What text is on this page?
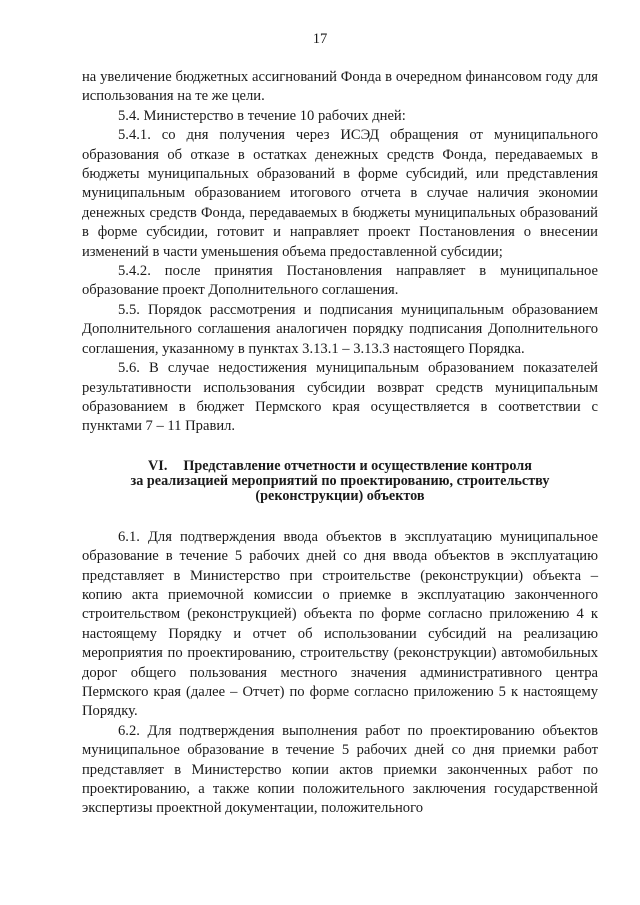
17

на увеличение бюджетных ассигнований Фонда в очередном финансовом году для использования на те же цели.

5.4. Министерство в течение 10 рабочих дней:

5.4.1. со дня получения через ИСЭД обращения от муниципального образования об отказе в остатках денежных средств Фонда, передаваемых в бюджеты муниципальных образований в форме субсидий, или представления муниципальным образованием итогового отчета в случае наличия экономии денежных средств Фонда, передаваемых в бюджеты муниципальных образований в форме субсидии, готовит и направляет проект Постановления о внесении изменений в части уменьшения объема предоставленной субсидии;

5.4.2. после принятия Постановления направляет в муниципальное образование проект Дополнительного соглашения.

5.5. Порядок рассмотрения и подписания муниципальным образованием Дополнительного соглашения аналогичен порядку подписания Дополнительного соглашения, указанному в пунктах 3.13.1 – 3.13.3 настоящего Порядка.

5.6. В случае недостижения муниципальным образованием показателей результативности использования субсидии возврат средств муниципальным образованием в бюджет Пермского края осуществляется в соответствии с пунктами 7 – 11 Правил.

VI. Представление отчетности и осуществление контроля
за реализацией мероприятий по проектированию, строительству
(реконструкции) объектов

6.1. Для подтверждения ввода объектов в эксплуатацию муниципальное образование в течение 5 рабочих дней со дня ввода объектов в эксплуатацию представляет в Министерство при строительстве (реконструкции) объекта – копию акта приемочной комиссии о приемке в эксплуатацию законченного строительством (реконструкцией) объекта по форме согласно приложению 4 к настоящему Порядку и отчет об использовании субсидий на реализацию мероприятия по проектированию, строительству (реконструкции) автомобильных дорог общего пользования местного значения административного центра Пермского края (далее – Отчет) по форме согласно приложению 5 к настоящему Порядку.

6.2. Для подтверждения выполнения работ по проектированию объектов муниципальное образование в течение 5 рабочих дней со дня приемки работ представляет в Министерство копии актов приемки законченных работ по проектированию, а также копии положительного заключения государственной экспертизы проектной документации, положительного
